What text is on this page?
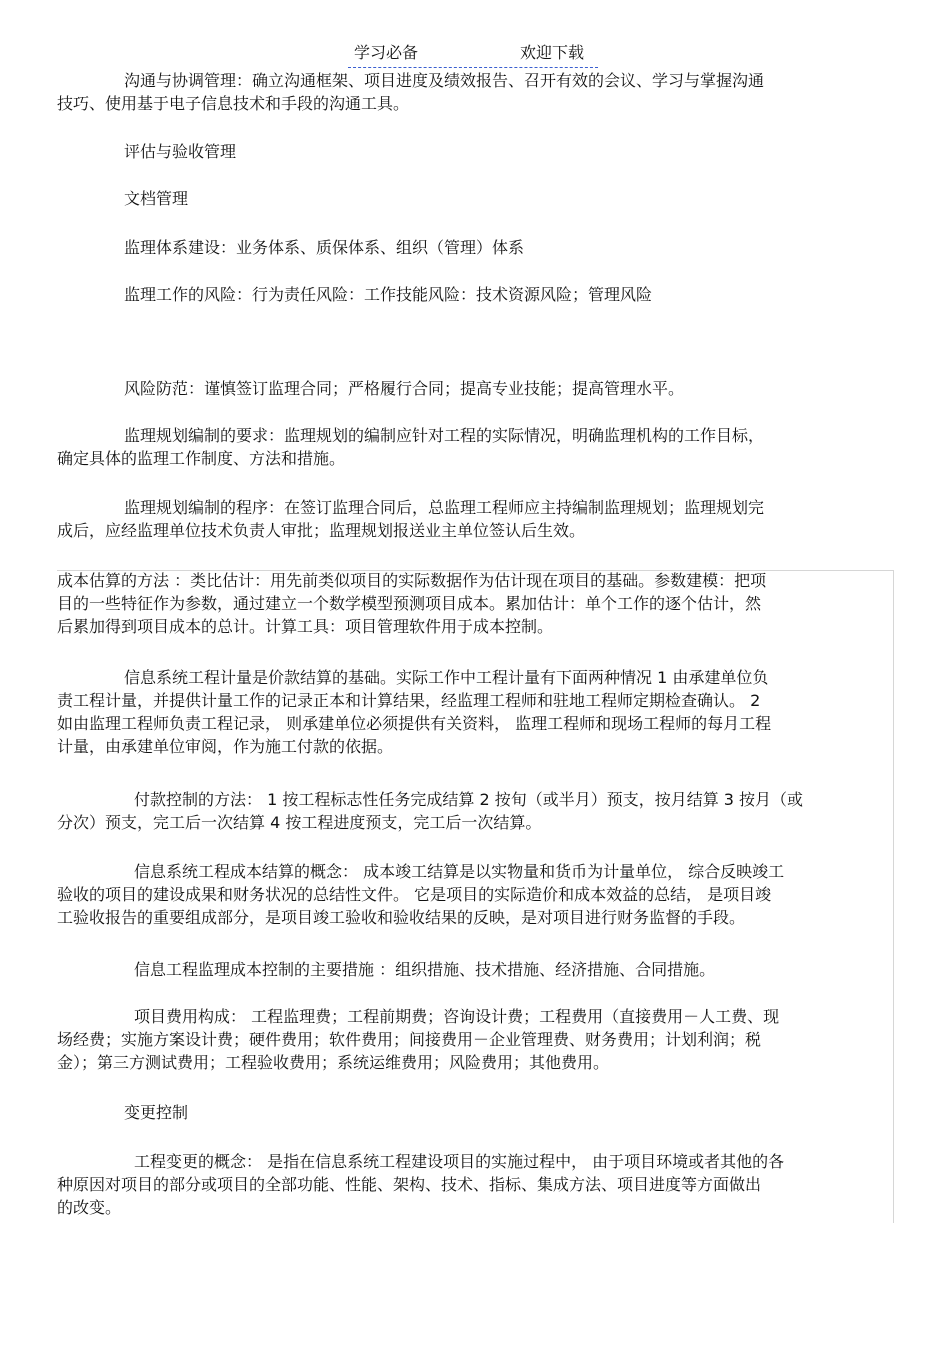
学习必备	欢迎下载
沟通与协调管理：确立沟通框架、项目进度及绩效报告、召开有效的会议、学习与掌握沟通
技巧、使用基于电子信息技术和手段的沟通工具。
评估与验收管理
文档管理
监理体系建设：业务体系、质保体系、组织（管理）体系
监理工作的风险：行为责任风险：工作技能风险：技术资源风险；管理风险
风险防范：谨慎签订监理合同；严格履行合同；提高专业技能；提高管理水平。
监理规划编制的要求：监理规划的编制应针对工程的实际情况，明确监理机构的工作目标，
确定具体的监理工作制度、方法和措施。
监理规划编制的程序：在签订监理合同后，总监理工程师应主持编制监理规划；监理规划完
成后，应经监理单位技术负责人审批；监理规划报送业主单位签认后生效。
成本估算的方法 ：类比估计：用先前类似项目的实际数据作为估计现在项目的基础。参数建模：把项
目的一些特征作为参数，通过建立一个数学模型预测项目成本。累加估计：单个工作的逐个估计，然
后累加得到项目成本的总计。计算工具：项目管理软件用于成本控制。
信息系统工程计量是价款结算的基础。实际工作中工程计量有下面两种情况 1 由承建单位负
责工程计量，并提供计量工作的记录正本和计算结果，经监理工程师和驻地工程师定期检查确认。 2
如由监理工程师负责工程记录， 则承建单位必须提供有关资料， 监理工程师和现场工程师的每月工程
计量，由承建单位审阅，作为施工付款的依据。
付款控制的方法： 1 按工程标志性任务完成结算 2 按旬（或半月）预支，按月结算 3 按月（或
分次）预支，完工后一次结算 4 按工程进度预支，完工后一次结算。
信息系统工程成本结算的概念： 成本竣工结算是以实物量和货币为计量单位， 综合反映竣工
验收的项目的建设成果和财务状况的总结性文件。 它是项目的实际造价和成本效益的总结， 是项目竣
工验收报告的重要组成部分，是项目竣工验收和验收结果的反映，是对项目进行财务监督的手段。
信息工程监理成本控制的主要措施 ：组织措施、技术措施、经济措施、合同措施。
项目费用构成： 工程监理费；工程前期费；咨询设计费；工程费用（直接费用－人工费、现
场经费；实施方案设计费；硬件费用；软件费用；间接费用－企业管理费、财务费用；计划利润；税
金）；第三方测试费用；工程验收费用；系统运维费用；风险费用；其他费用。
变更控制
工程变更的概念： 是指在信息系统工程建设项目的实施过程中， 由于项目环境或者其他的各
种原因对项目的部分或项目的全部功能、性能、架构、技术、指标、集成方法、项目进度等方面做出
的改变。
